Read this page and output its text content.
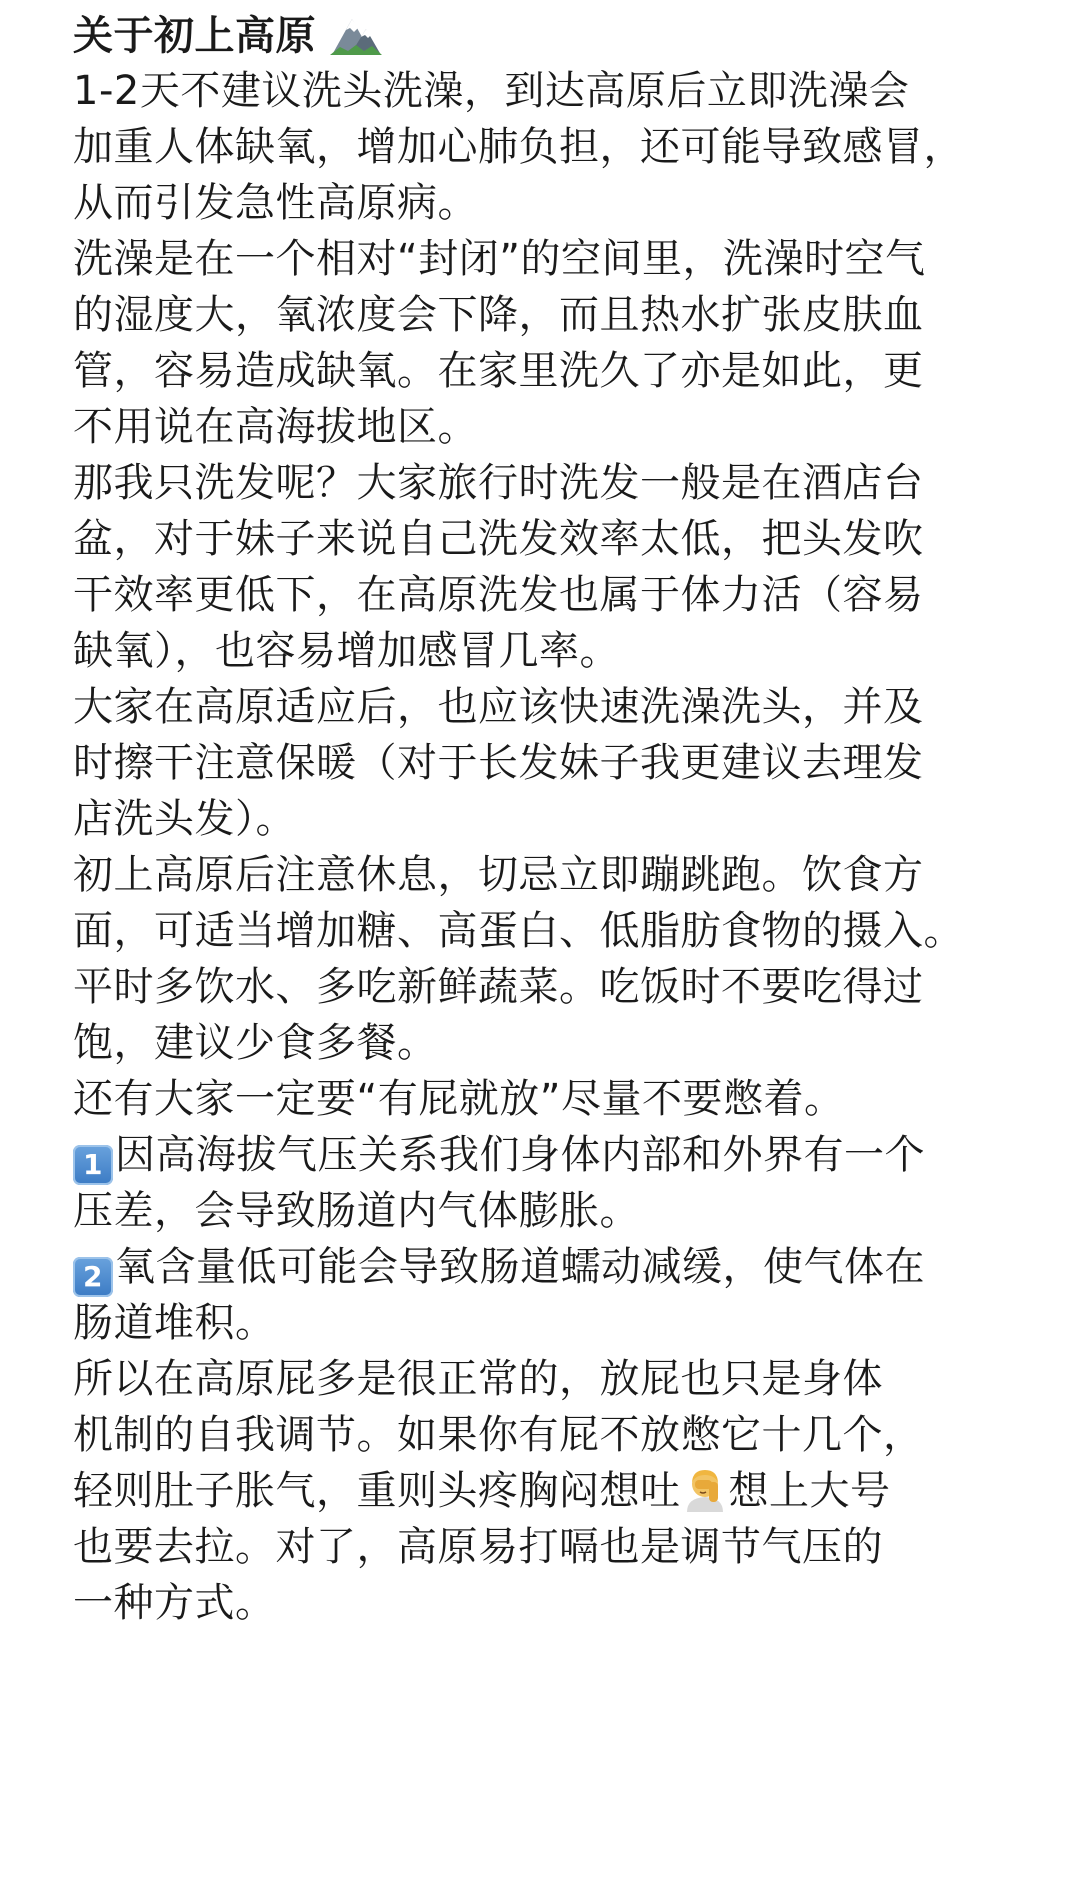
关于初上高原
1-2天不建议洗头洗澡，到达高原后立即洗澡会
加重人体缺氧，增加心肺负担，还可能导致感冒，
从而引发急性高原病。
洗澡是在一个相对“封闭”的空间里，洗澡时空气
的湿度大，氧浓度会下降，而且热水扩张皮肤血
管，容易造成缺氧。在家里洗久了亦是如此，更
不用说在高海拔地区。
那我只洗发呢？大家旅行时洗发一般是在酒店台
盆，对于妹子来说自己洗发效率太低，把头发吹
干效率更低下，在高原洗发也属于体力活（容易
缺氧），也容易增加感冒几率。
大家在高原适应后，也应该快速洗澡洗头，并及
时擦干注意保暖（对于长发妹子我更建议去理发
店洗头发）。
初上高原后注意休息，切忌立即蹦跳跑。饮食方
面，可适当增加糖、高蛋白、低脂肪食物的摄入。
平时多饮水、多吃新鲜蔬菜。吃饭时不要吃得过
饱，建议少食多餐。
还有大家一定要“有屁就放”尽量不要憋着。
1 因高海拔气压关系我们身体内部和外界有一个
压差，会导致肠道内气体膨胀。
2 氧含量低可能会导致肠道蠕动减缓，使气体在
肠道堆积。
所以在高原屁多是很正常的，放屁也只是身体
机制的自我调节。如果你有屁不放憋它十几个，
轻则肚子胀气，重则头疼胸闷想吐 想上大号
也要去拉。对了，高原易打嗝也是调节气压的
一种方式。
